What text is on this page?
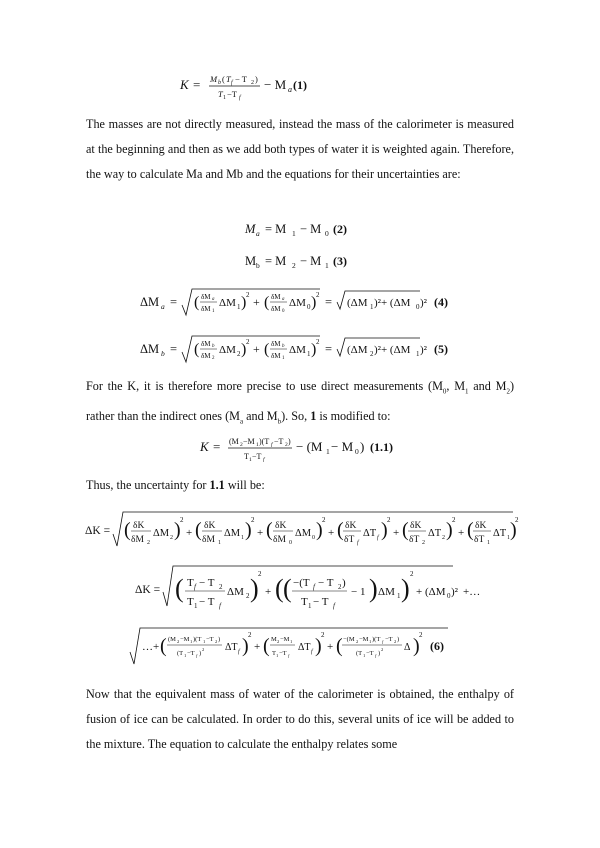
K = M b ( T f − T 2 )
T 1 −T f
− M a (1)
The masses are not directly measured, instead the mass of the calorimeter is measured at the beginning and then as we add both types of water it is weighted again. Therefore, the way to calculate Ma and Mb and the equations for their uncertainties are:
M a = M 1 − M 0 (2)
M b = M 2 − M 1 (3)
ΔM a = ( δM a
δM 1
ΔM 1 ) 2 + ( δM a
δM 0
ΔM 0 ) 2 = (ΔM 1 )²+ (ΔM 0 )² (4)
ΔM b = ( δM b
δM 2
ΔM 2 ) 2 + ( δM b
δM 1
ΔM 1 ) 2 = (ΔM 2 )²+ (ΔM 1 )² (5)
For the K, it is therefore more precise to use direct measurements ($M_0$, $M_1$ and $M_2$) rather than the indirect ones ($M_a$ and $M_b$). So, 1 is modified to:
K = (M 2 −M 1 )(T f −T 2 )
T 1 −T f
− (M 1 − M 0 ) (1.1)
Thus, the uncertainty for 1.1 will be:
ΔK = ( δK
δM 2
ΔM 2 ) 2
+ ( δK
δM 1
ΔM 1 ) 2
+ ( δK
δM 0
ΔM 0 ) 2
+ ( δK
δT f
ΔT f ) 2
+ ( δK
δT 2
ΔT 2 ) 2
+ ( δK
δT 1
ΔT 1 )
2
ΔK = ( T f − T 2
T 1 − T f
ΔM 2 ) 2
+ ( ( −(T f − T 2 )
T 1 − T f
− 1 ) ΔM 1 ) 2
+ (ΔM 0 )² +…
…+ ( (M 2 −M 1 )(T 1 −T 2 )
(T 1 −T f )
2 ΔT f ) 2
+ ( M 2 −M 1
T 1 −T f
ΔT f ) 2
+ ( −(M 2 −M 1 )(T f −T 2 )
(T 1 −T f )
2 Δ ) 2
(6)
Now that the equivalent mass of water of the calorimeter is obtained, the enthalpy of fusion of ice can be calculated. In order to do this, several units of ice will be added to the mixture. The equation to calculate the enthalpy relates some
